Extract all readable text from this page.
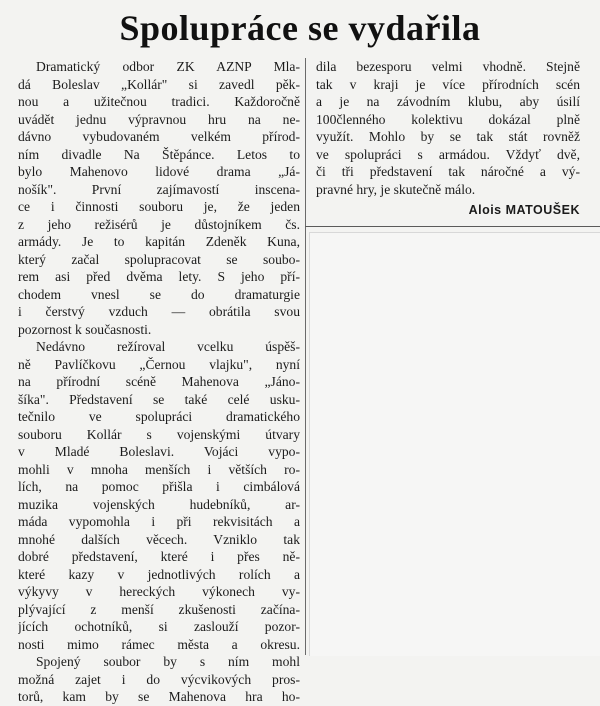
Spolupráce se vydařila
Dramatický odbor ZK AZNP Mla-
dá Boleslav „Kollár" si zavedl pěk-
nou a užitečnou tradici. Každoročně
uvádět jednu výpravnou hru na ne-
dávno vybudovaném velkém přírod-
ním divadle Na Štěpánce. Letos to
bylo Mahenovo lidové drama „Já-
nošík". První zajímavostí inscena-
ce i činnosti souboru je, že jeden
z jeho režisérů je důstojníkem čs.
armády. Je to kapitán Zdeněk Kuna,
který začal spolupracovat se soubo-
rem asi před dvěma lety. S jeho pří-
chodem vnesl se do dramaturgie
i čerstvý vzduch — obrátila svou
pozornost k současnosti.
Nedávno režíroval vcelku úspěš-
ně Pavlíčkovu „Černou vlajku", nyní
na přírodní scéně Mahenova „Jáno-
šíka". Představení se také celé usku-
tečnilo ve spolupráci dramatického
souboru Kollár s vojenskými útvary
v Mladé Boleslavi. Vojáci vypo-
mohli v mnoha menších i větších ro-
lích, na pomoc přišla i cimbálová
muzika vojenských hudebníků, ar-
máda vypomohla i při rekvisitách a
mnohé dalších věcech. Vzniklo tak
dobré představení, které i přes ně-
které kazy v jednotlivých rolích a
výkyvy v hereckých výkonech vy-
plývající z menší zkušenosti začína-
jících ochotníků, si zaslouží pozor-
nosti mimo rámec města a okresu.
Spojený soubor by s ním mohl
možná zajet i do výcvikových pros-
torů, kam by se Mahenova hra ho-
dila bezesporu velmi vhodně. Stejně
tak v kraji je více přírodních scén
a je na závodním klubu, aby úsilí
100členného kolektivu dokázal plně
využít. Mohlo by se tak stát rovněž
ve spolupráci s armádou. Vždyť dvě,
či tři představení tak náročné a vý-
pravné hry, je skutečně málo.
Alois MATOUŠEK
